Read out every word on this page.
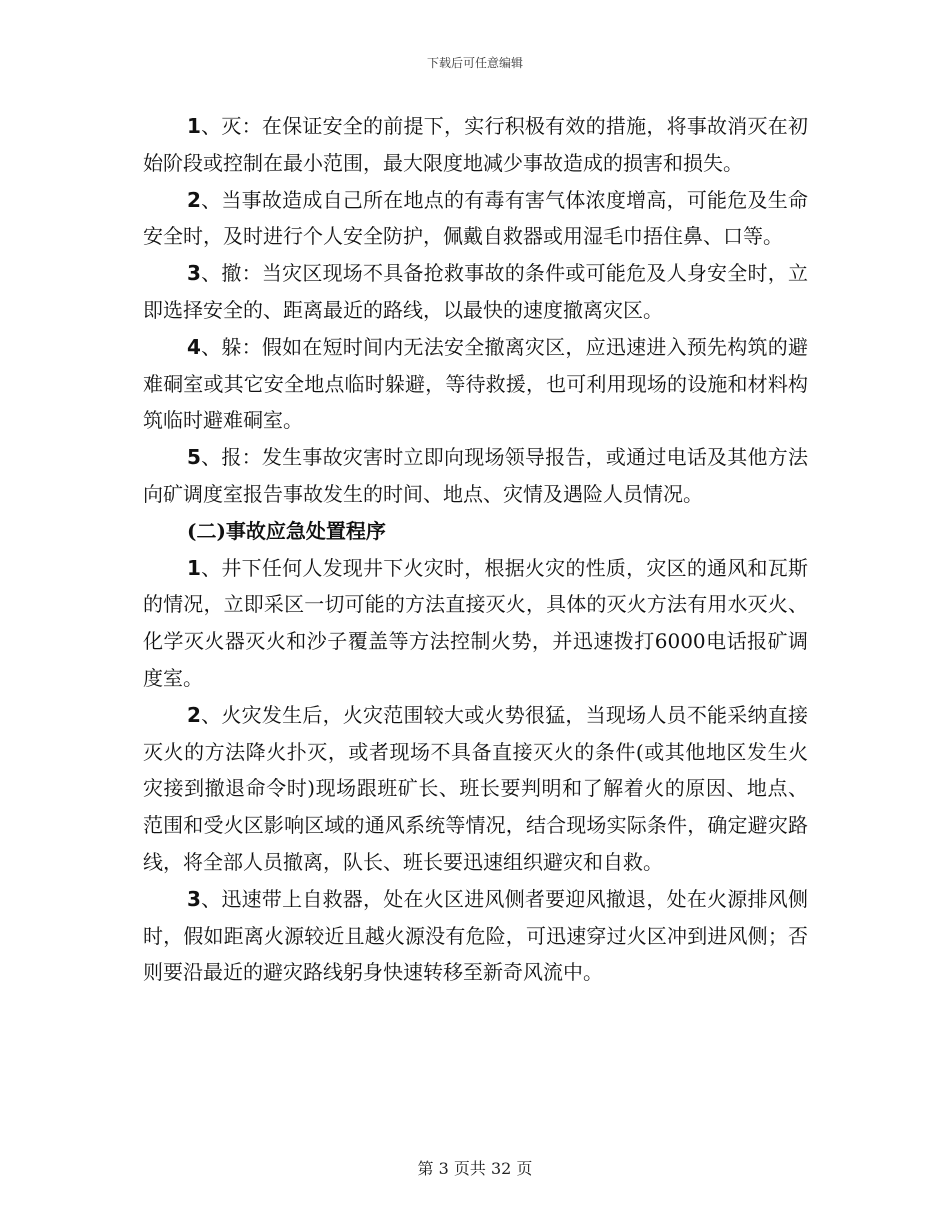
下载后可任意编辑

1、灭：在保证安全的前提下，实行积极有效的措施，将事故消灭在初始阶段或控制在最小范围，最大限度地减少事故造成的损害和损失。

2、当事故造成自己所在地点的有毒有害气体浓度增高，可能危及生命安全时，及时进行个人安全防护，佩戴自救器或用湿毛巾捂住鼻、口等。

3、撤：当灾区现场不具备抢救事故的条件或可能危及人身安全时，立即选择安全的、距离最近的路线，以最快的速度撤离灾区。

4、躲：假如在短时间内无法安全撤离灾区，应迅速进入预先构筑的避难硐室或其它安全地点临时躲避，等待救援，也可利用现场的设施和材料构筑临时避难硐室。

5、报：发生事故灾害时立即向现场领导报告，或通过电话及其他方法向矿调度室报告事故发生的时间、地点、灾情及遇险人员情况。

(二)事故应急处置程序

1、井下任何人发现井下火灾时，根据火灾的性质，灾区的通风和瓦斯的情况，立即采区一切可能的方法直接灭火，具体的灭火方法有用水灭火、化学灭火器灭火和沙子覆盖等方法控制火势，并迅速拨打6000电话报矿调度室。

2、火灾发生后，火灾范围较大或火势很猛，当现场人员不能采纳直接灭火的方法降火扑灭，或者现场不具备直接灭火的条件(或其他地区发生火灾接到撤退命令时)现场跟班矿长、班长要判明和了解着火的原因、地点、范围和受火区影响区域的通风系统等情况，结合现场实际条件，确定避灾路线，将全部人员撤离，队长、班长要迅速组织避灾和自救。

3、迅速带上自救器，处在火区进风侧者要迎风撤退，处在火源排风侧时，假如距离火源较近且越火源没有危险，可迅速穿过火区冲到进风侧；否则要沿最近的避灾路线躬身快速转移至新奇风流中。

第 3 页共 32 页
